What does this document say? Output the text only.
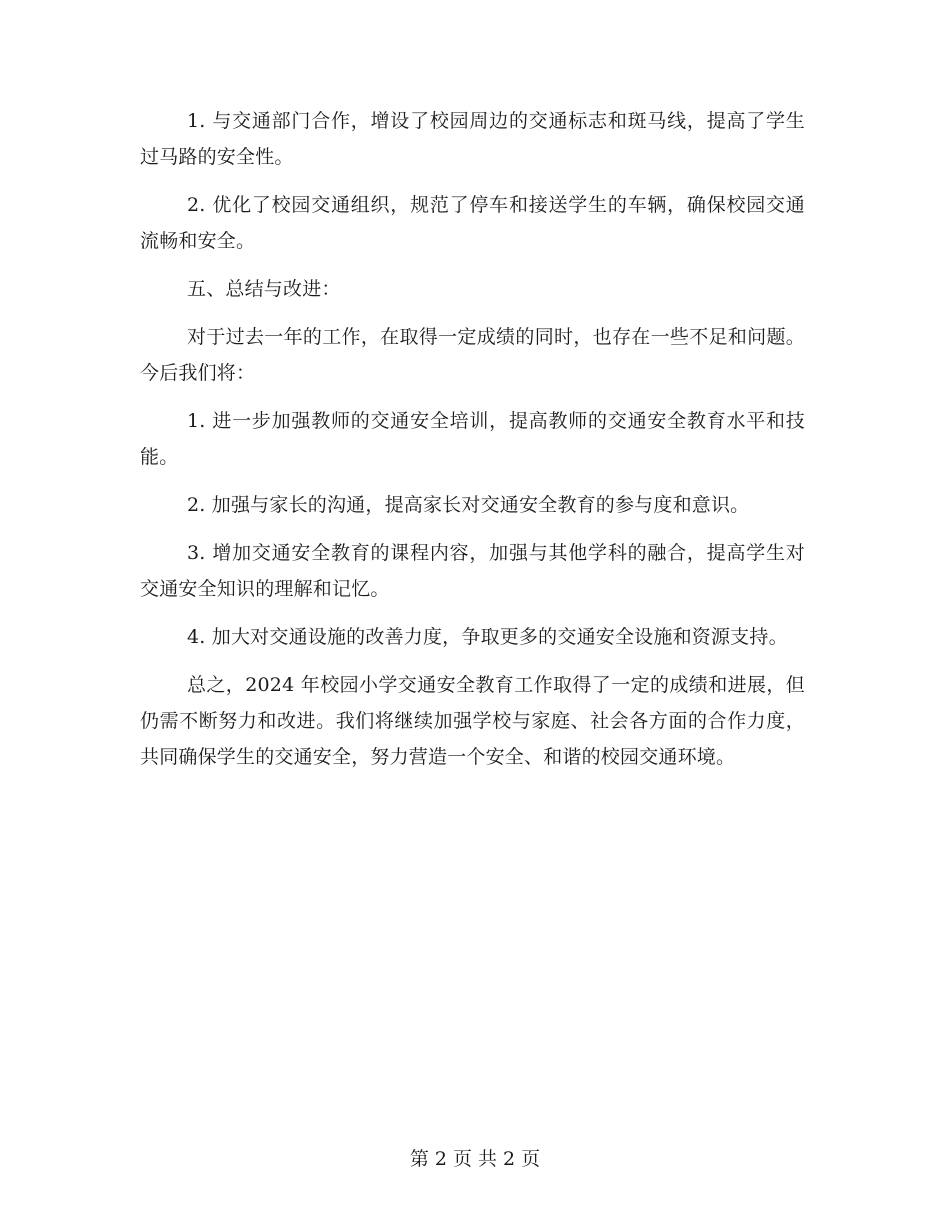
1. 与交通部门合作，增设了校园周边的交通标志和斑马线，提高了学生过马路的安全性。

2. 优化了校园交通组织，规范了停车和接送学生的车辆，确保校园交通流畅和安全。

五、总结与改进：

对于过去一年的工作，在取得一定成绩的同时，也存在一些不足和问题。今后我们将：

1. 进一步加强教师的交通安全培训，提高教师的交通安全教育水平和技能。

2. 加强与家长的沟通，提高家长对交通安全教育的参与度和意识。

3. 增加交通安全教育的课程内容，加强与其他学科的融合，提高学生对交通安全知识的理解和记忆。

4. 加大对交通设施的改善力度，争取更多的交通安全设施和资源支持。

总之，2024 年校园小学交通安全教育工作取得了一定的成绩和进展，但仍需不断努力和改进。我们将继续加强学校与家庭、社会各方面的合作力度，共同确保学生的交通安全，努力营造一个安全、和谐的校园交通环境。

第 2 页 共 2 页
